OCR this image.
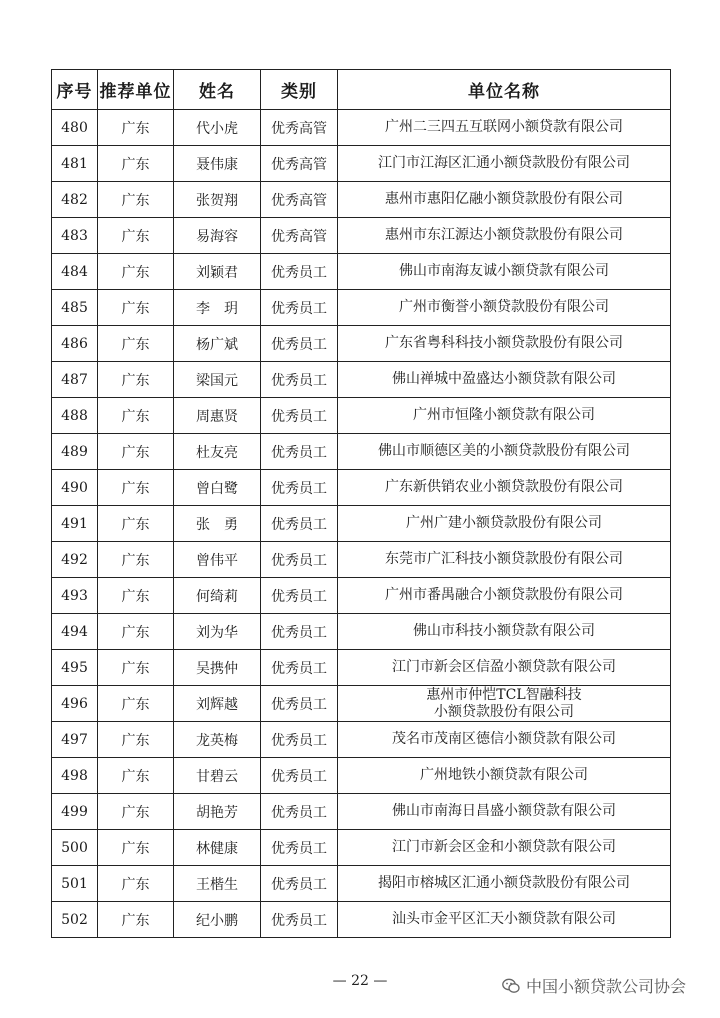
序号	推荐单位	姓名	类别	单位名称
480	广东	代小虎	优秀高管	广州二三四五互联网小额贷款有限公司

481	广东	聂伟康	优秀高管	江门市江海区汇通小额贷款股份有限公司

482	广东	张贺翔	优秀高管	惠州市惠阳亿融小额贷款股份有限公司

483	广东	易海容	优秀高管	惠州市东江源达小额贷款股份有限公司

484	广东	刘颖君	优秀员工	佛山市南海友诚小额贷款有限公司

485	广东	李　玥	优秀员工	广州市衡誉小额贷款股份有限公司

486	广东	杨广斌	优秀员工	广东省粤科科技小额贷款股份有限公司

487	广东	梁国元	优秀员工	佛山禅城中盈盛达小额贷款有限公司

488	广东	周惠贤	优秀员工	广州市恒隆小额贷款有限公司

489	广东	杜友亮	优秀员工	佛山市顺德区美的小额贷款股份有限公司

490	广东	曾白鹭	优秀员工	广东新供销农业小额贷款股份有限公司

491	广东	张　勇	优秀员工	广州广建小额贷款股份有限公司

492	广东	曾伟平	优秀员工	东莞市广汇科技小额贷款股份有限公司

493	广东	何绮莉	优秀员工	广州市番禺融合小额贷款股份有限公司

494	广东	刘为华	优秀员工	佛山市科技小额贷款有限公司

495	广东	吴携仲	优秀员工	江门市新会区信盈小额贷款有限公司

496	广东	刘辉越	优秀员工	惠州市仲恺TCL智融科技
小额贷款股份有限公司

497	广东	龙英梅	优秀员工	茂名市茂南区德信小额贷款有限公司

498	广东	甘碧云	优秀员工	广州地铁小额贷款有限公司

499	广东	胡艳芳	优秀员工	佛山市南海日昌盛小额贷款有限公司

500	广东	林健康	优秀员工	江门市新会区金和小额贷款有限公司

501	广东	王楷生	优秀员工	揭阳市榕城区汇通小额贷款股份有限公司

502	广东	纪小鹏	优秀员工	汕头市金平区汇天小额贷款有限公司
— 22 —	中国小额贷款公司协会
